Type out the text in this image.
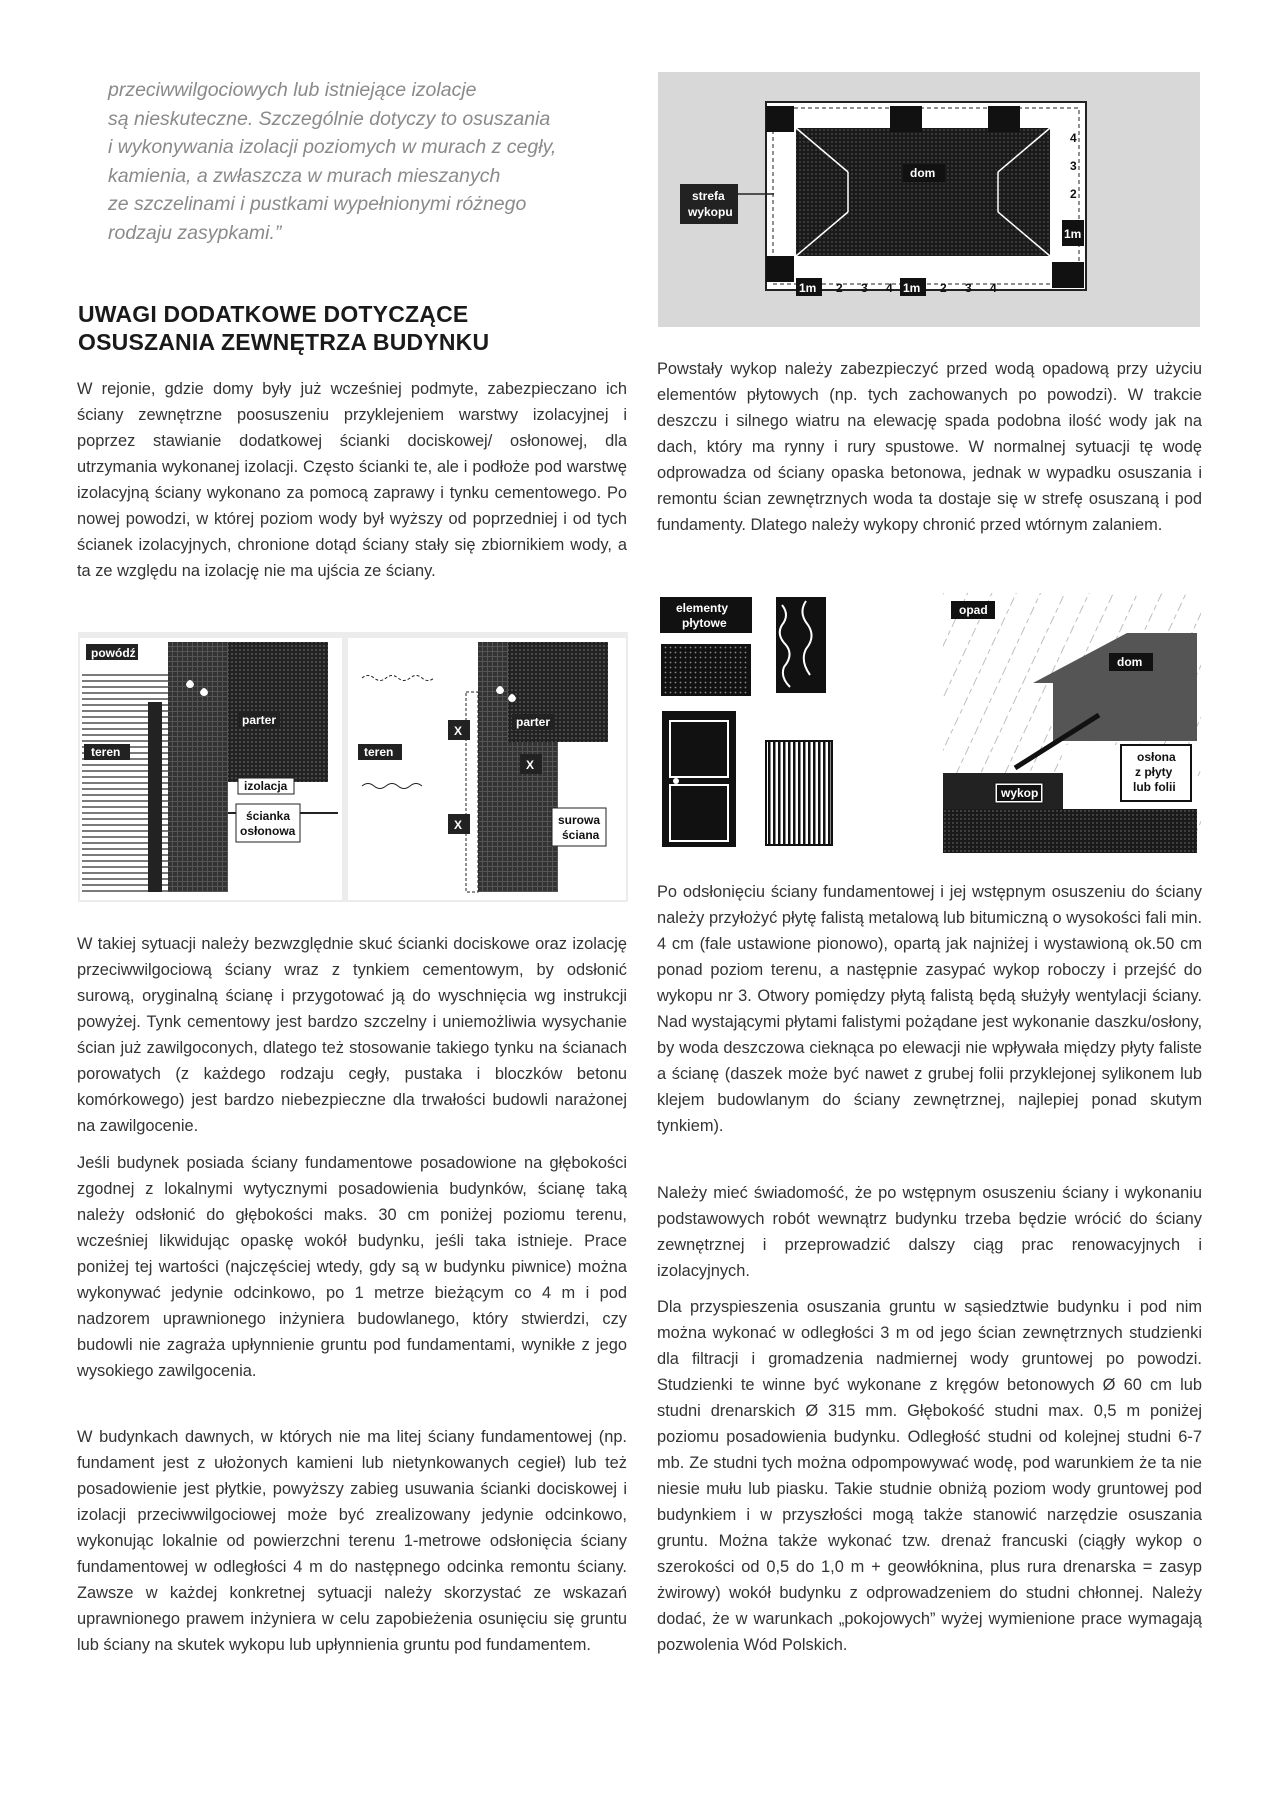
przeciwwilgociowych lub istniejące izolacje
są nieskuteczne. Szczególnie dotyczy to osuszania
i wykonywania izolacji poziomych w murach z cegły,
kamienia, a zwłaszcza w murach mieszanych
ze szczelinami i pustkami wypełnionymi różnego
rodzaju zasypkami.”
UWAGI DODATKOWE DOTYCZĄCE
OSUSZANIA ZEWNĘTRZA BUDYNKU
W rejonie, gdzie domy były już wcześniej podmyte, zabezpieczano ich ściany zewnętrzne poosuszeniu przyklejeniem warstwy izolacyjnej i poprzez stawianie dodatkowej ścianki dociskowej/ osłonowej, dla utrzymania wykonanej izolacji. Często ścianki te, ale i podłoże pod warstwę izolacyjną ściany wykonano za pomocą zaprawy i tynku cementowego. Po nowej powodzi, w której poziom wody był wyższy od poprzedniej i od tych ścianek izolacyjnych, chronione dotąd ściany stały się zbiornikiem wody, a ta ze względu na izolację nie ma ujścia ze ściany.
powódź
parter
teren
izolacja
ścianka
osłonowa
parter
teren
X
X
X	surowa
ściana
W takiej sytuacji należy bezwzględnie skuć ścianki dociskowe oraz izolację przeciwwilgociową ściany wraz z tynkiem cementowym, by odsłonić surową, oryginalną ścianę i przygotować ją do wyschnięcia wg instrukcji powyżej. Tynk cementowy jest bardzo szczelny i uniemożliwia wysychanie ścian już zawilgoconych, dlatego też stosowanie takiego tynku na ścianach porowatych (z każdego rodzaju cegły, pustaka i bloczków betonu komórkowego) jest bardzo niebezpieczne dla trwałości budowli narażonej na zawilgocenie.
Jeśli budynek posiada ściany fundamentowe posadowione na głębokości zgodnej z lokalnymi wytycznymi posadowienia budynków, ścianę taką należy odsłonić do głębokości maks. 30 cm poniżej poziomu terenu, wcześniej likwidując opaskę wokół budynku, jeśli taka istnieje. Prace poniżej tej wartości (najczęściej wtedy, gdy są w budynku piwnice) można wykonywać jedynie odcinkowo, po 1 metrze bieżącym co 4 m i pod nadzorem uprawnionego inżyniera budowlanego, który stwierdzi, czy budowli nie zagraża upłynnienie gruntu pod fundamentami, wynikłe z jego wysokiego zawilgocenia.
W budynkach dawnych, w których nie ma litej ściany fundamentowej (np. fundament jest z ułożonych kamieni lub nietynkowanych cegieł) lub też posadowienie jest płytkie, powyższy zabieg usuwania ścianki dociskowej i izolacji przeciwwilgociowej może być zrealizowany jedynie odcinkowo, wykonując lokalnie od powierzchni terenu 1-metrowe odsłonięcia ściany fundamentowej w odległości 4 m do następnego odcinka remontu ściany. Zawsze w każdej konkretnej sytuacji należy skorzystać ze wskazań uprawnionego prawem inżyniera w celu zapobieżenia osunięciu się gruntu lub ściany na skutek wykopu lub upłynnienia gruntu pod fundamentem.
dom
strefa
wykopu
1m 2 3 4 1m 2 3 4
4
3
2
1m
Powstały wykop należy zabezpieczyć przed wodą opadową przy użyciu elementów płytowych (np. tych zachowanych po powodzi). W trakcie deszczu i silnego wiatru na elewację spada podobna ilość wody jak na dach, który ma rynny i rury spustowe. W normalnej sytuacji tę wodę odprowadza od ściany opaska betonowa, jednak w wypadku osuszania i remontu ścian zewnętrznych woda ta dostaje się w strefę osuszaną i pod fundamenty. Dlatego należy wykopy chronić przed wtórnym zalaniem.
elementy
płytowe
opad
dom
wykop
osłona
z płyty
lub folii
Po odsłonięciu ściany fundamentowej i jej wstępnym osuszeniu do ściany należy przyłożyć płytę falistą metalową lub bitumiczną o wysokości fali min. 4 cm (fale ustawione pionowo), opartą jak najniżej i wystawioną ok.50 cm ponad poziom terenu, a następnie zasypać wykop roboczy i przejść do wykopu nr 3. Otwory pomiędzy płytą falistą będą służyły wentylacji ściany. Nad wystającymi płytami falistymi pożądane jest wykonanie daszku/osłony, by woda deszczowa cieknąca po elewacji nie wpływała między płyty faliste a ścianę (daszek może być nawet z grubej folii przyklejonej sylikonem lub klejem budowlanym do ściany zewnętrznej, najlepiej ponad skutym tynkiem).
Należy mieć świadomość, że po wstępnym osuszeniu ściany i wykonaniu podstawowych robót wewnątrz budynku trzeba będzie wrócić do ściany zewnętrznej i przeprowadzić dalszy ciąg prac renowacyjnych i izolacyjnych.
Dla przyspieszenia osuszania gruntu w sąsiedztwie budynku i pod nim można wykonać w odległości 3 m od jego ścian zewnętrznych studzienki dla filtracji i gromadzenia nadmiernej wody gruntowej po powodzi. Studzienki te winne być wykonane z kręgów betonowych Ø 60 cm lub studni drenarskich Ø 315 mm. Głębokość studni max. 0,5 m poniżej poziomu posadowienia budynku. Odległość studni od kolejnej studni 6-7 mb. Ze studni tych można odpompowywać wodę, pod warunkiem że ta nie niesie mułu lub piasku. Takie studnie obniżą poziom wody gruntowej pod budynkiem i w przyszłości mogą także stanowić narzędzie osuszania gruntu. Można także wykonać tzw. drenaż francuski (ciągły wykop o szerokości od 0,5 do 1,0 m + geowłóknina, plus rura drenarska = zasyp żwirowy) wokół budynku z odprowadzeniem do studni chłonnej. Należy dodać, że w warunkach „pokojowych” wyżej wymienione prace wymagają pozwolenia Wód Polskich.
